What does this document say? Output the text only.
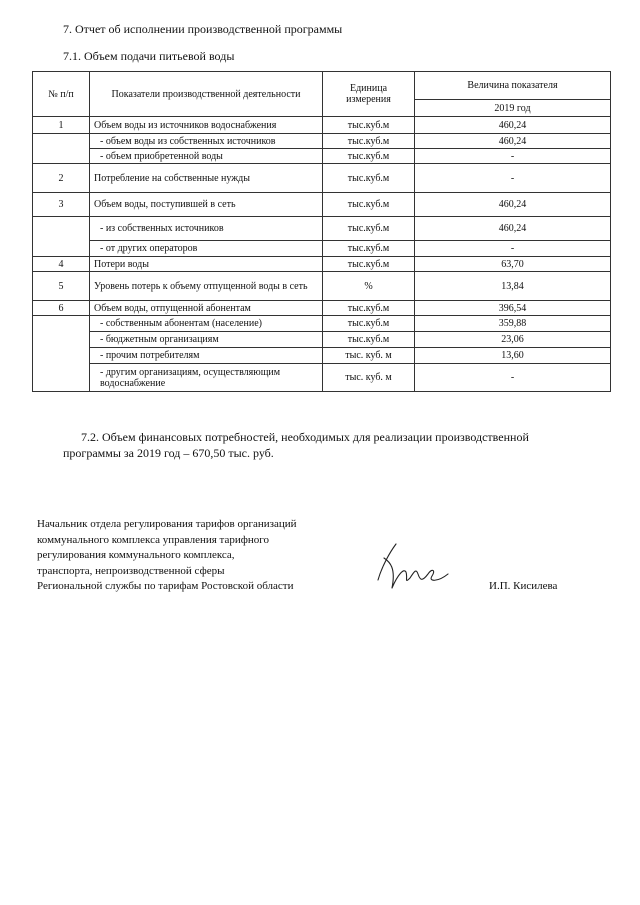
7. Отчет об исполнении производственной программы
7.1. Объем подачи питьевой воды
№ п/п	Показатели производственной деятельности	Единица измерения	Величина показателя
			2019 год
1	Объем воды из источников водоснабжения	тыс.куб.м	460,24
	- объем воды из собственных источников	тыс.куб.м	460,24
	- объем приобретенной воды	тыс.куб.м	-
2	Потребление на собственные нужды	тыс.куб.м	-
3	Объем воды, поступившей в сеть	тыс.куб.м	460,24
	- из собственных источников	тыс.куб.м	460,24
	- от других операторов	тыс.куб.м	-
4	Потери воды	тыс.куб.м	63,70
5	Уровень потерь к объему отпущенной воды в сеть	%	13,84
6	Объем воды, отпущенной абонентам	тыс.куб.м	396,54
	- собственным абонентам (население)	тыс.куб.м	359,88
	- бюджетным организациям	тыс.куб.м	23,06
	- прочим потребителям	тыс. куб. м	13,60
	- другим организациям, осуществляющим водоснабжение	тыс. куб. м	-

7.2. Объем финансовых потребностей, необходимых для реализации производственной

программы за 2019 год – 670,50 тыс. руб.

Начальник отдела регулирования тарифов организаций
коммунального комплекса управления тарифного
регулирования коммунального комплекса,
транспорта, непроизводственной сферы
Региональной службы по тарифам Ростовской области	И.П. Кисилева
